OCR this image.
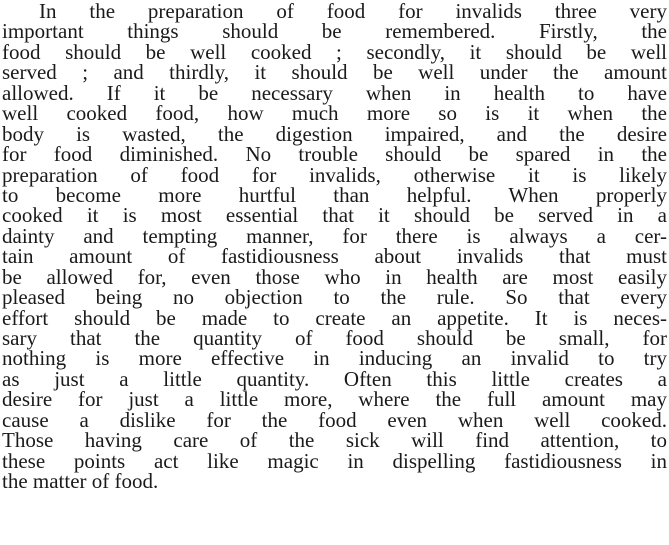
In the preparation of food for invalids three very
important things should be remembered. Firstly, the
food should be well cooked ; secondly, it should be well
served ; and thirdly, it should be well under the amount
allowed. If it be necessary when in health to have
well cooked food, how much more so is it when the
body is wasted, the digestion impaired, and the desire
for food diminished. No trouble should be spared in the
preparation of food for invalids, otherwise it is likely
to become more hurtful than helpful. When properly
cooked it is most essential that it should be served in a
dainty and tempting manner, for there is always a cer-
tain amount of fastidiousness about invalids that must
be allowed for, even those who in health are most easily
pleased being no objection to the rule. So that every
effort should be made to create an appetite. It is neces-
sary that the quantity of food should be small, for
nothing is more effective in inducing an invalid to try
as just a little quantity. Often this little creates a
desire for just a little more, where the full amount may
cause a dislike for the food even when well cooked.
Those having care of the sick will find attention, to
these points act like magic in dispelling fastidiousness in
the matter of food.
